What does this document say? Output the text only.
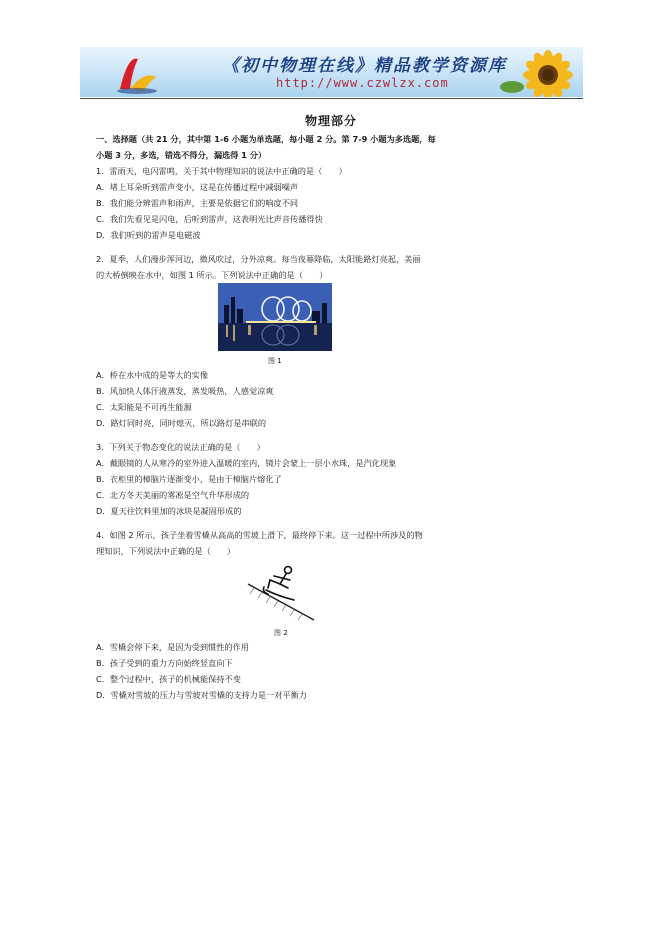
《初中物理在线》精品教学资源库
http://www.czwlzx.com
物理部分
一、选择题（共 21 分，其中第 1-6 小题为单选题，每小题 2 分。第 7-9 小题为多选题，每
小题 3 分，多选，错选不得分，漏选得 1 分）
1．雷雨天，电闪雷鸣，关于其中物理知识的说法中正确的是（　　）
A．堵上耳朵听到雷声变小，这是在传播过程中减弱噪声
B．我们能分辨雷声和雨声，主要是依据它们的响度不同
C．我们先看见是闪电，后听到雷声，这表明光比声音传播得快
D．我们听到的雷声是电磁波
2．夏季，人们漫步浑河边，微风吹过，分外凉爽。每当夜幕降临，太阳能路灯亮起，美丽
的大桥倒映在水中，如图 1 所示。下列说法中正确的是（　　）
图 1
A．桥在水中成的是等大的实像
B．风加快人体汗液蒸发，蒸发吸热，人感觉凉爽
C．太阳能是不可再生能源
D．路灯同时亮，同时熄灭，所以路灯是串联的
3．下列关于物态变化的说法正确的是（　　）
A．戴眼镜的人从寒冷的室外进入温暖的室内，镜片会蒙上一层小水珠，是汽化现象
B．衣柜里的樟脑片逐渐变小，是由于樟脑片熔化了
C．北方冬天美丽的雾凇是空气升华形成的
D．夏天往饮料里加的冰块是凝固形成的
4．如图 2 所示，孩子坐着雪橇从高高的雪坡上滑下，最终停下来。这一过程中所涉及的物
理知识，下列说法中正确的是（　　）
图 2
A．雪橇会停下来，是因为受到惯性的作用
B．孩子受到的重力方向始终竖直向下
C．整个过程中，孩子的机械能保持不变
D．雪橇对雪坡的压力与雪坡对雪橇的支持力是一对平衡力
